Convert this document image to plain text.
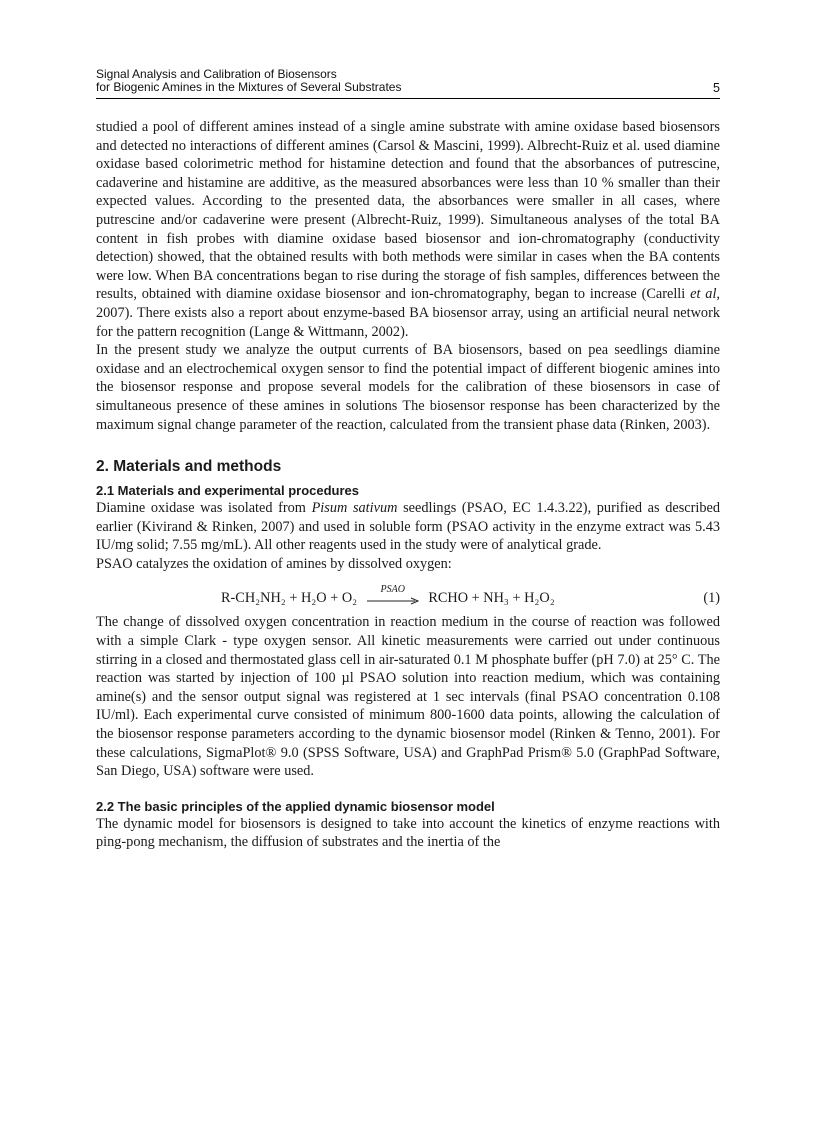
Signal Analysis and Calibration of Biosensors
for Biogenic Amines in the Mixtures of Several Substrates	5

studied a pool of different amines instead of a single amine substrate with amine oxidase based biosensors and detected no interactions of different amines (Carsol & Mascini, 1999). Albrecht-Ruiz et al. used diamine oxidase based colorimetric method for histamine detection and found that the absorbances of putrescine, cadaverine and histamine are additive, as the measured absorbances were less than 10 % smaller than their expected values. According to the presented data, the absorbances were smaller in all cases, where putrescine and/or cadaverine were present (Albrecht-Ruiz, 1999). Simultaneous analyses of the total BA content in fish probes with diamine oxidase based biosensor and ion-chromatography (conductivity detection) showed, that the obtained results with both methods were similar in cases when the BA contents were low. When BA concentrations began to rise during the storage of fish samples, differences between the results, obtained with diamine oxidase biosensor and ion-chromatography, began to increase (Carelli et al, 2007). There exists also a report about enzyme-based BA biosensor array, using an artificial neural network for the pattern recognition (Lange & Wittmann, 2002).

In the present study we analyze the output currents of BA biosensors, based on pea seedlings diamine oxidase and an electrochemical oxygen sensor to find the potential impact of different biogenic amines into the biosensor response and propose several models for the calibration of these biosensors in case of simultaneous presence of these amines in solutions The biosensor response has been characterized by the maximum signal change parameter of the reaction, calculated from the transient phase data (Rinken, 2003).

2. Materials and methods
2.1 Materials and experimental procedures

Diamine oxidase was isolated from Pisum sativum seedlings (PSAO, EC 1.4.3.22), purified as described earlier (Kivirand & Rinken, 2007) and used in soluble form (PSAO activity in the enzyme extract was 5.43 IU/mg solid; 7.55 mg/mL). All other reagents used in the study were of analytical grade.

PSAO catalyzes the oxidation of amines by dissolved oxygen:

R-CH₂NH₂ + H₂O + O₂
PSAO
RCHO + NH₃ + H₂O₂	(1)

The change of dissolved oxygen concentration in reaction medium in the course of reaction was followed with a simple Clark - type oxygen sensor. All kinetic measurements were carried out under continuous stirring in a closed and thermostated glass cell in air-saturated 0.1 M phosphate buffer (pH 7.0) at 25° C. The reaction was started by injection of 100 µl PSAO solution into reaction medium, which was containing amine(s) and the sensor output signal was registered at 1 sec intervals (final PSAO concentration 0.108 IU/ml). Each experimental curve consisted of minimum 800-1600 data points, allowing the calculation of the biosensor response parameters according to the dynamic biosensor model (Rinken & Tenno, 2001). For these calculations, SigmaPlot® 9.0 (SPSS Software, USA) and GraphPad Prism® 5.0 (GraphPad Software, San Diego, USA) software were used.

2.2 The basic principles of the applied dynamic biosensor model

The dynamic model for biosensors is designed to take into account the kinetics of enzyme reactions with ping-pong mechanism, the diffusion of substrates and the inertia of the
